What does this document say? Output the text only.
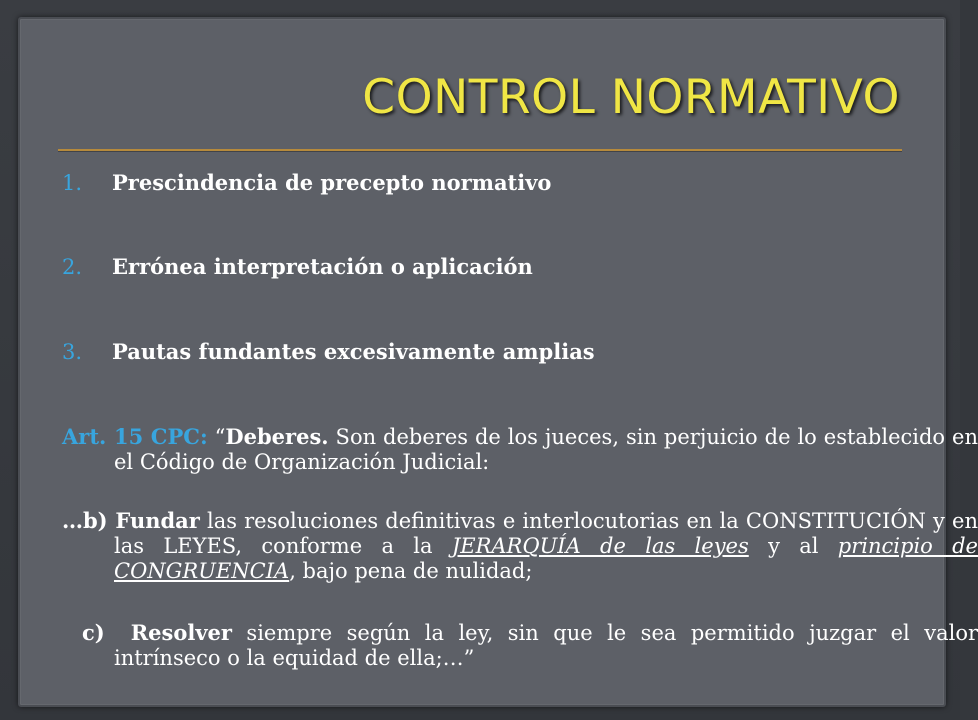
CONTROL NORMATIVO
1. Prescindencia de precepto normativo
2. Errónea interpretación o aplicación
3. Pautas fundantes excesivamente amplias
Art. 15 CPC: “Deberes. Son deberes de los jueces, sin perjuicio de lo establecido en el Código de Organización Judicial:
…b) Fundar las resoluciones definitivas e interlocutorias en la CONSTITUCIÓN y en las LEYES, conforme a la JERARQUÍA de las leyes y al principio de CONGRUENCIA, bajo pena de nulidad;
c) Resolver siempre según la ley, sin que le sea permitido juzgar el valor intrínseco o la equidad de ella;…”
